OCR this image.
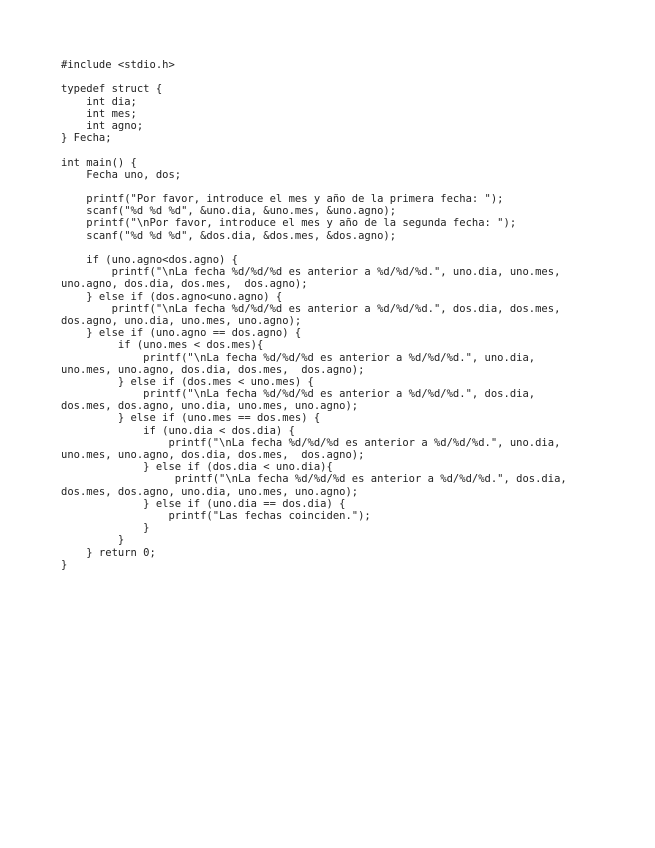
#include <stdio.h>
typedef struct {
int dia;
int mes;
int agno;
} Fecha;
int main() {
Fecha uno, dos;
printf("Por favor, introduce el mes y año de la primera fecha: ");
scanf("%d %d %d", &uno.dia, &uno.mes, &uno.agno);
printf("\nPor favor, introduce el mes y año de la segunda fecha: ");
scanf("%d %d %d", &dos.dia, &dos.mes, &dos.agno);
if (uno.agno<dos.agno) {
printf("\nLa fecha %d/%d/%d es anterior a %d/%d/%d.", uno.dia, uno.mes,
uno.agno, dos.dia, dos.mes,  dos.agno);
} else if (dos.agno<uno.agno) {
printf("\nLa fecha %d/%d/%d es anterior a %d/%d/%d.", dos.dia, dos.mes,
dos.agno, uno.dia, uno.mes, uno.agno);
} else if (uno.agno == dos.agno) {
if (uno.mes < dos.mes){
printf("\nLa fecha %d/%d/%d es anterior a %d/%d/%d.", uno.dia,
uno.mes, uno.agno, dos.dia, dos.mes,  dos.agno);
} else if (dos.mes < uno.mes) {
printf("\nLa fecha %d/%d/%d es anterior a %d/%d/%d.", dos.dia,
dos.mes, dos.agno, uno.dia, uno.mes, uno.agno);
} else if (uno.mes == dos.mes) {
if (uno.dia < dos.dia) {
printf("\nLa fecha %d/%d/%d es anterior a %d/%d/%d.", uno.dia,
uno.mes, uno.agno, dos.dia, dos.mes,  dos.agno);
} else if (dos.dia < uno.dia){
printf("\nLa fecha %d/%d/%d es anterior a %d/%d/%d.", dos.dia,
dos.mes, dos.agno, uno.dia, uno.mes, uno.agno);
} else if (uno.dia == dos.dia) {
printf("Las fechas coinciden.");
}
}
} return 0;
}
